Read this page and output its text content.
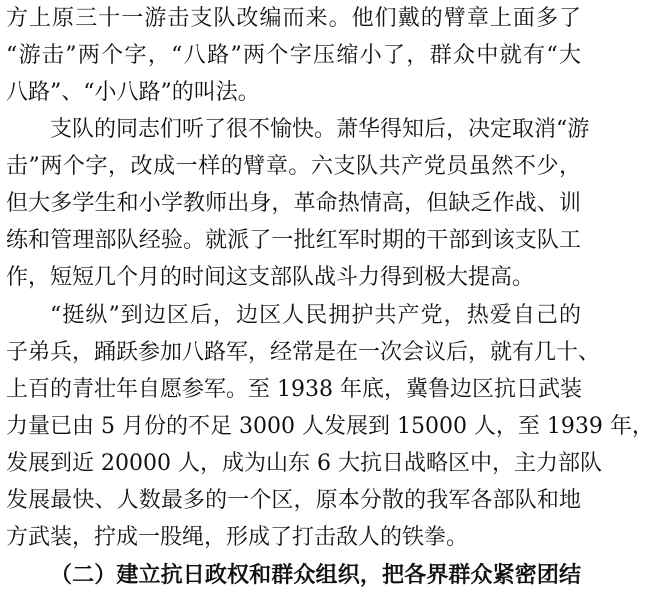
方上原三十一游击支队改编而来。他们戴的臂章上面多了
“游击”两个字，“八路”两个字压缩小了，群众中就有“大
八路”、“小八路”的叫法。
支队的同志们听了很不愉快。萧华得知后，决定取消“游
击”两个字，改成一样的臂章。六支队共产党员虽然不少，
但大多学生和小学教师出身，革命热情高，但缺乏作战、训
练和管理部队经验。就派了一批红军时期的干部到该支队工
作，短短几个月的时间这支部队战斗力得到极大提高。
“挺纵”到边区后，边区人民拥护共产党，热爱自己的
子弟兵，踊跃参加八路军，经常是在一次会议后，就有几十、
上百的青壮年自愿参军。至 1938 年底，冀鲁边区抗日武装
力量已由 5 月份的不足 3000 人发展到 15000 人，至 1939 年，
发展到近 20000 人，成为山东 6 大抗日战略区中，主力部队
发展最快、人数最多的一个区，原本分散的我军各部队和地
方武装，拧成一股绳，形成了打击敌人的铁拳。
（二）建立抗日政权和群众组织，把各界群众紧密团结
